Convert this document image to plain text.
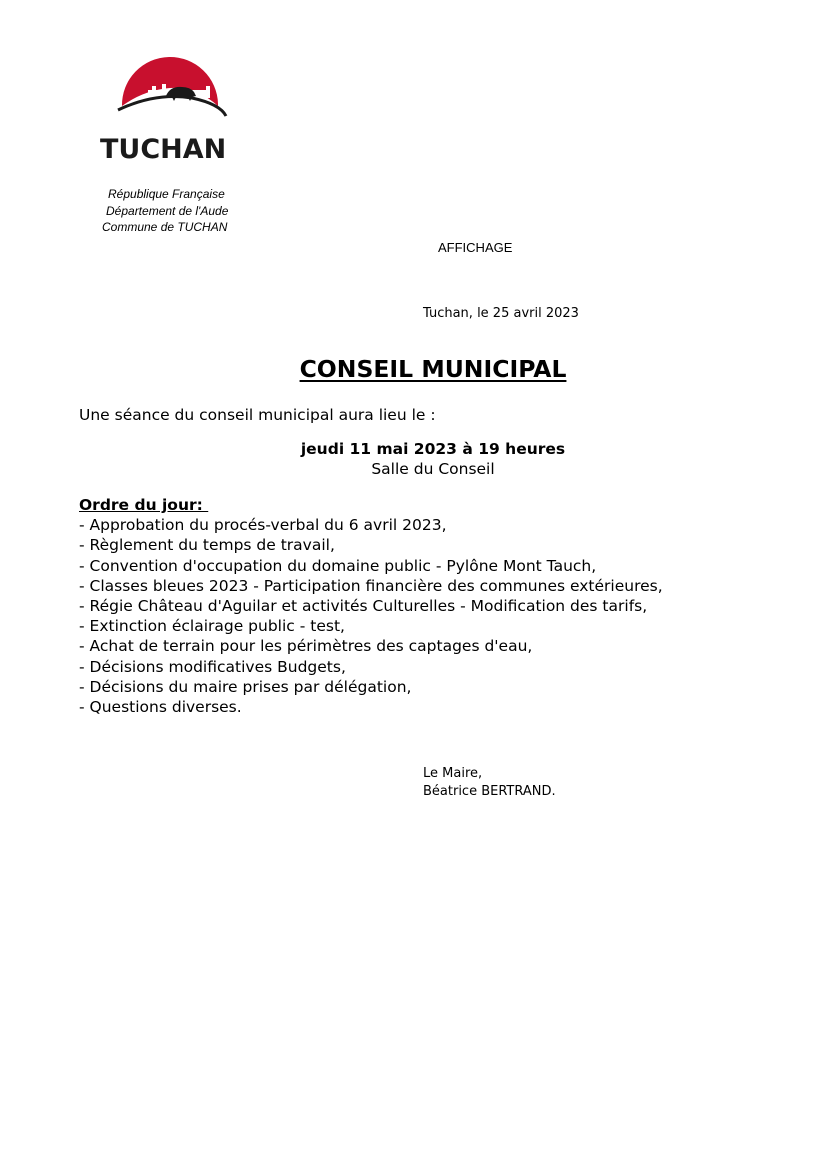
TUCHAN
République Française
Département de l'Aude
Commune de TUCHAN
AFFICHAGE
Tuchan, le 25 avril 2023
CONSEIL MUNICIPAL
Une séance du conseil municipal aura lieu le :
jeudi 11 mai 2023 à 19 heures
Salle du Conseil
Ordre du jour:
- Approbation du procés-verbal du 6 avril 2023,
- Règlement du temps de travail,
- Convention d'occupation du domaine public - Pylône Mont Tauch,
- Classes bleues 2023 - Participation financière des communes extérieures,
- Régie Château d'Aguilar et activités Culturelles - Modification des tarifs,
- Extinction éclairage public - test,
- Achat de terrain pour les périmètres des captages d'eau,
- Décisions modificatives Budgets,
- Décisions du maire prises par délégation,
- Questions diverses.
Le Maire,
Béatrice BERTRAND.
